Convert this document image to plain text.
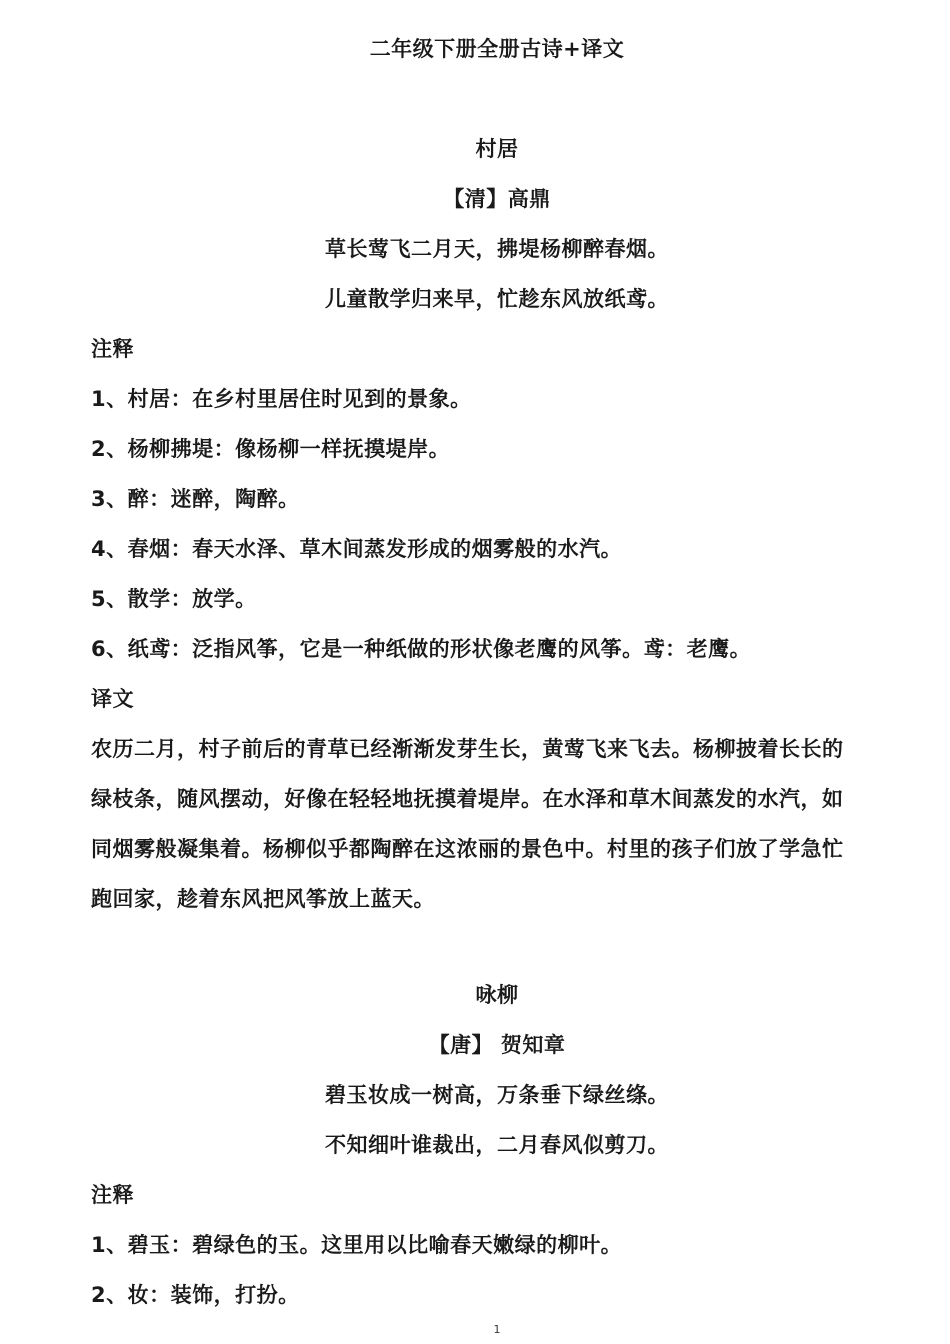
二年级下册全册古诗+译文
村居
【清】高鼎
草长莺飞二月天，拂堤杨柳醉春烟。
儿童散学归来早，忙趁东风放纸鸢。
注释
1、村居：在乡村里居住时见到的景象。
2、杨柳拂堤：像杨柳一样抚摸堤岸。
3、醉：迷醉，陶醉。
4、春烟：春天水泽、草木间蒸发形成的烟雾般的水汽。
5、散学：放学。
6、纸鸢：泛指风筝，它是一种纸做的形状像老鹰的风筝。鸢：老鹰。
译文
农历二月，村子前后的青草已经渐渐发芽生长，黄莺飞来飞去。杨柳披着长长的
绿枝条，随风摆动，好像在轻轻地抚摸着堤岸。在水泽和草木间蒸发的水汽，如
同烟雾般凝集着。杨柳似乎都陶醉在这浓丽的景色中。村里的孩子们放了学急忙
跑回家，趁着东风把风筝放上蓝天。
咏柳
【唐】 贺知章
碧玉妆成一树高，万条垂下绿丝绦。
不知细叶谁裁出，二月春风似剪刀。
注释
1、碧玉：碧绿色的玉。这里用以比喻春天嫩绿的柳叶。
2、妆：装饰，打扮。
1
